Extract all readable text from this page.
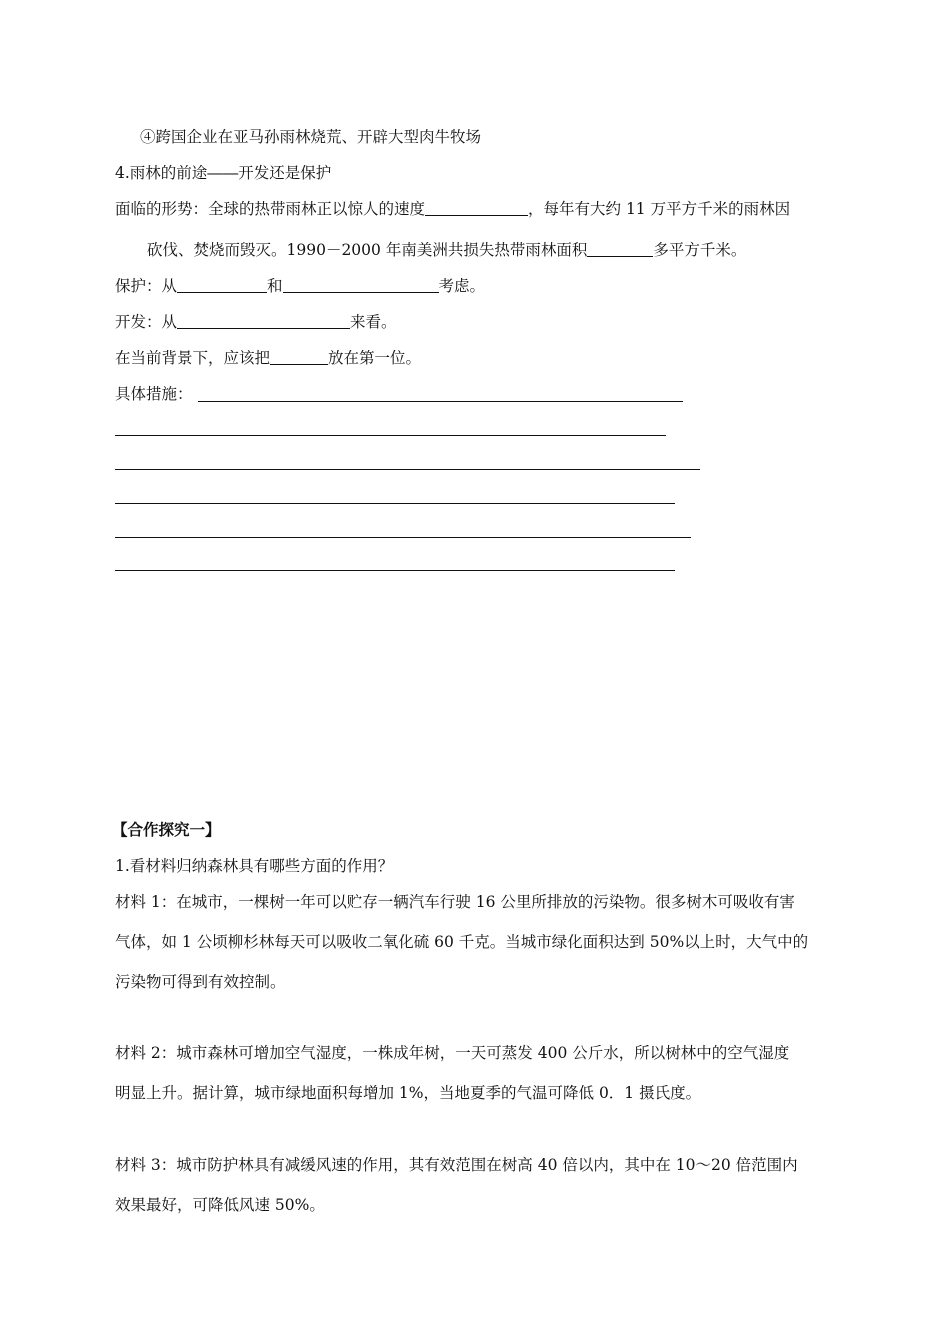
④跨国企业在亚马孙雨林烧荒、开辟大型肉牛牧场
4.雨林的前途――开发还是保护
面临的形势：全球的热带雨林正以惊人的速度	，每年有大约 11 万平方千米的雨林因
砍伐、焚烧而毁灭。1990－2000 年南美洲共损失热带雨林面积	多平方千米。
保护：从	和	考虑。
开发：从	来看。
在当前背景下，应该把	放在第一位。
具体措施：
【合作探究一】
1.看材料归纳森林具有哪些方面的作用？
材料 1：在城市，一棵树一年可以贮存一辆汽车行驶 16 公里所排放的污染物。很多树木可吸收有害
气体，如 1 公顷柳杉林每天可以吸收二氧化硫 60 千克。当城市绿化面积达到 50%以上时，大气中的
污染物可得到有效控制。
材料 2：城市森林可增加空气湿度，一株成年树，一天可蒸发 400 公斤水，所以树林中的空气湿度
明显上升。据计算，城市绿地面积每增加 1%，当地夏季的气温可降低 0．1 摄氏度。
材料 3：城市防护林具有减缓风速的作用，其有效范围在树高 40 倍以内，其中在 10～20 倍范围内
效果最好，可降低风速 50%。
